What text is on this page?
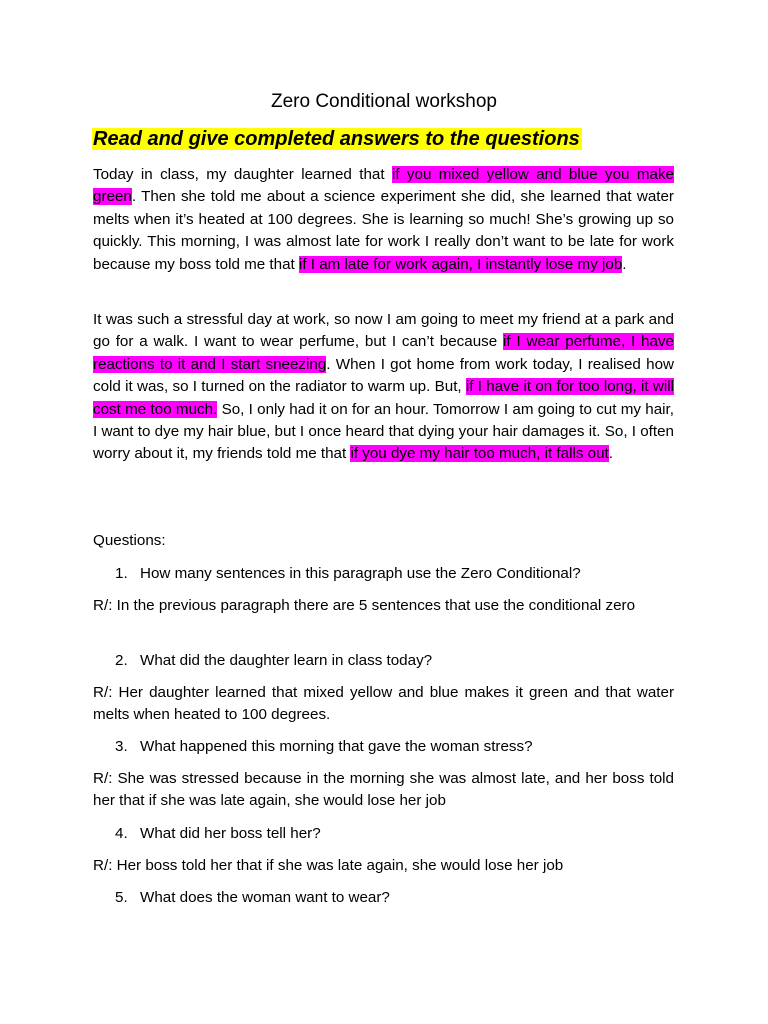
Zero Conditional workshop

Read and give completed answers to the questions

Today in class, my daughter learned that if you mixed yellow and blue you make green. Then she told me about a science experiment she did, she learned that water melts when it’s heated at 100 degrees. She is learning so much! She’s growing up so quickly. This morning, I was almost late for work I really don’t want to be late for work because my boss told me that if I am late for work again, I instantly lose my job.

It was such a stressful day at work, so now I am going to meet my friend at a park and go for a walk. I want to wear perfume, but I can’t because if I wear perfume, I have reactions to it and I start sneezing. When I got home from work today, I realised how cold it was, so I turned on the radiator to warm up. But, if I have it on for too long, it will cost me too much. So, I only had it on for an hour. Tomorrow I am going to cut my hair, I want to dye my hair blue, but I once heard that dying your hair damages it. So, I often worry about it, my friends told me that if you dye my hair too much, it falls out.

Questions:
1. How many sentences in this paragraph use the Zero Conditional?

R/: In the previous paragraph there are 5 sentences that use the conditional zero

2. What did the daughter learn in class today?

R/: Her daughter learned that mixed yellow and blue makes it green and that water melts when heated to 100 degrees.

3. What happened this morning that gave the woman stress?

R/: She was stressed because in the morning she was almost late, and her boss told her that if she was late again, she would lose her job

4. What did her boss tell her?

R/: Her boss told her that if she was late again, she would lose her job

5. What does the woman want to wear?
